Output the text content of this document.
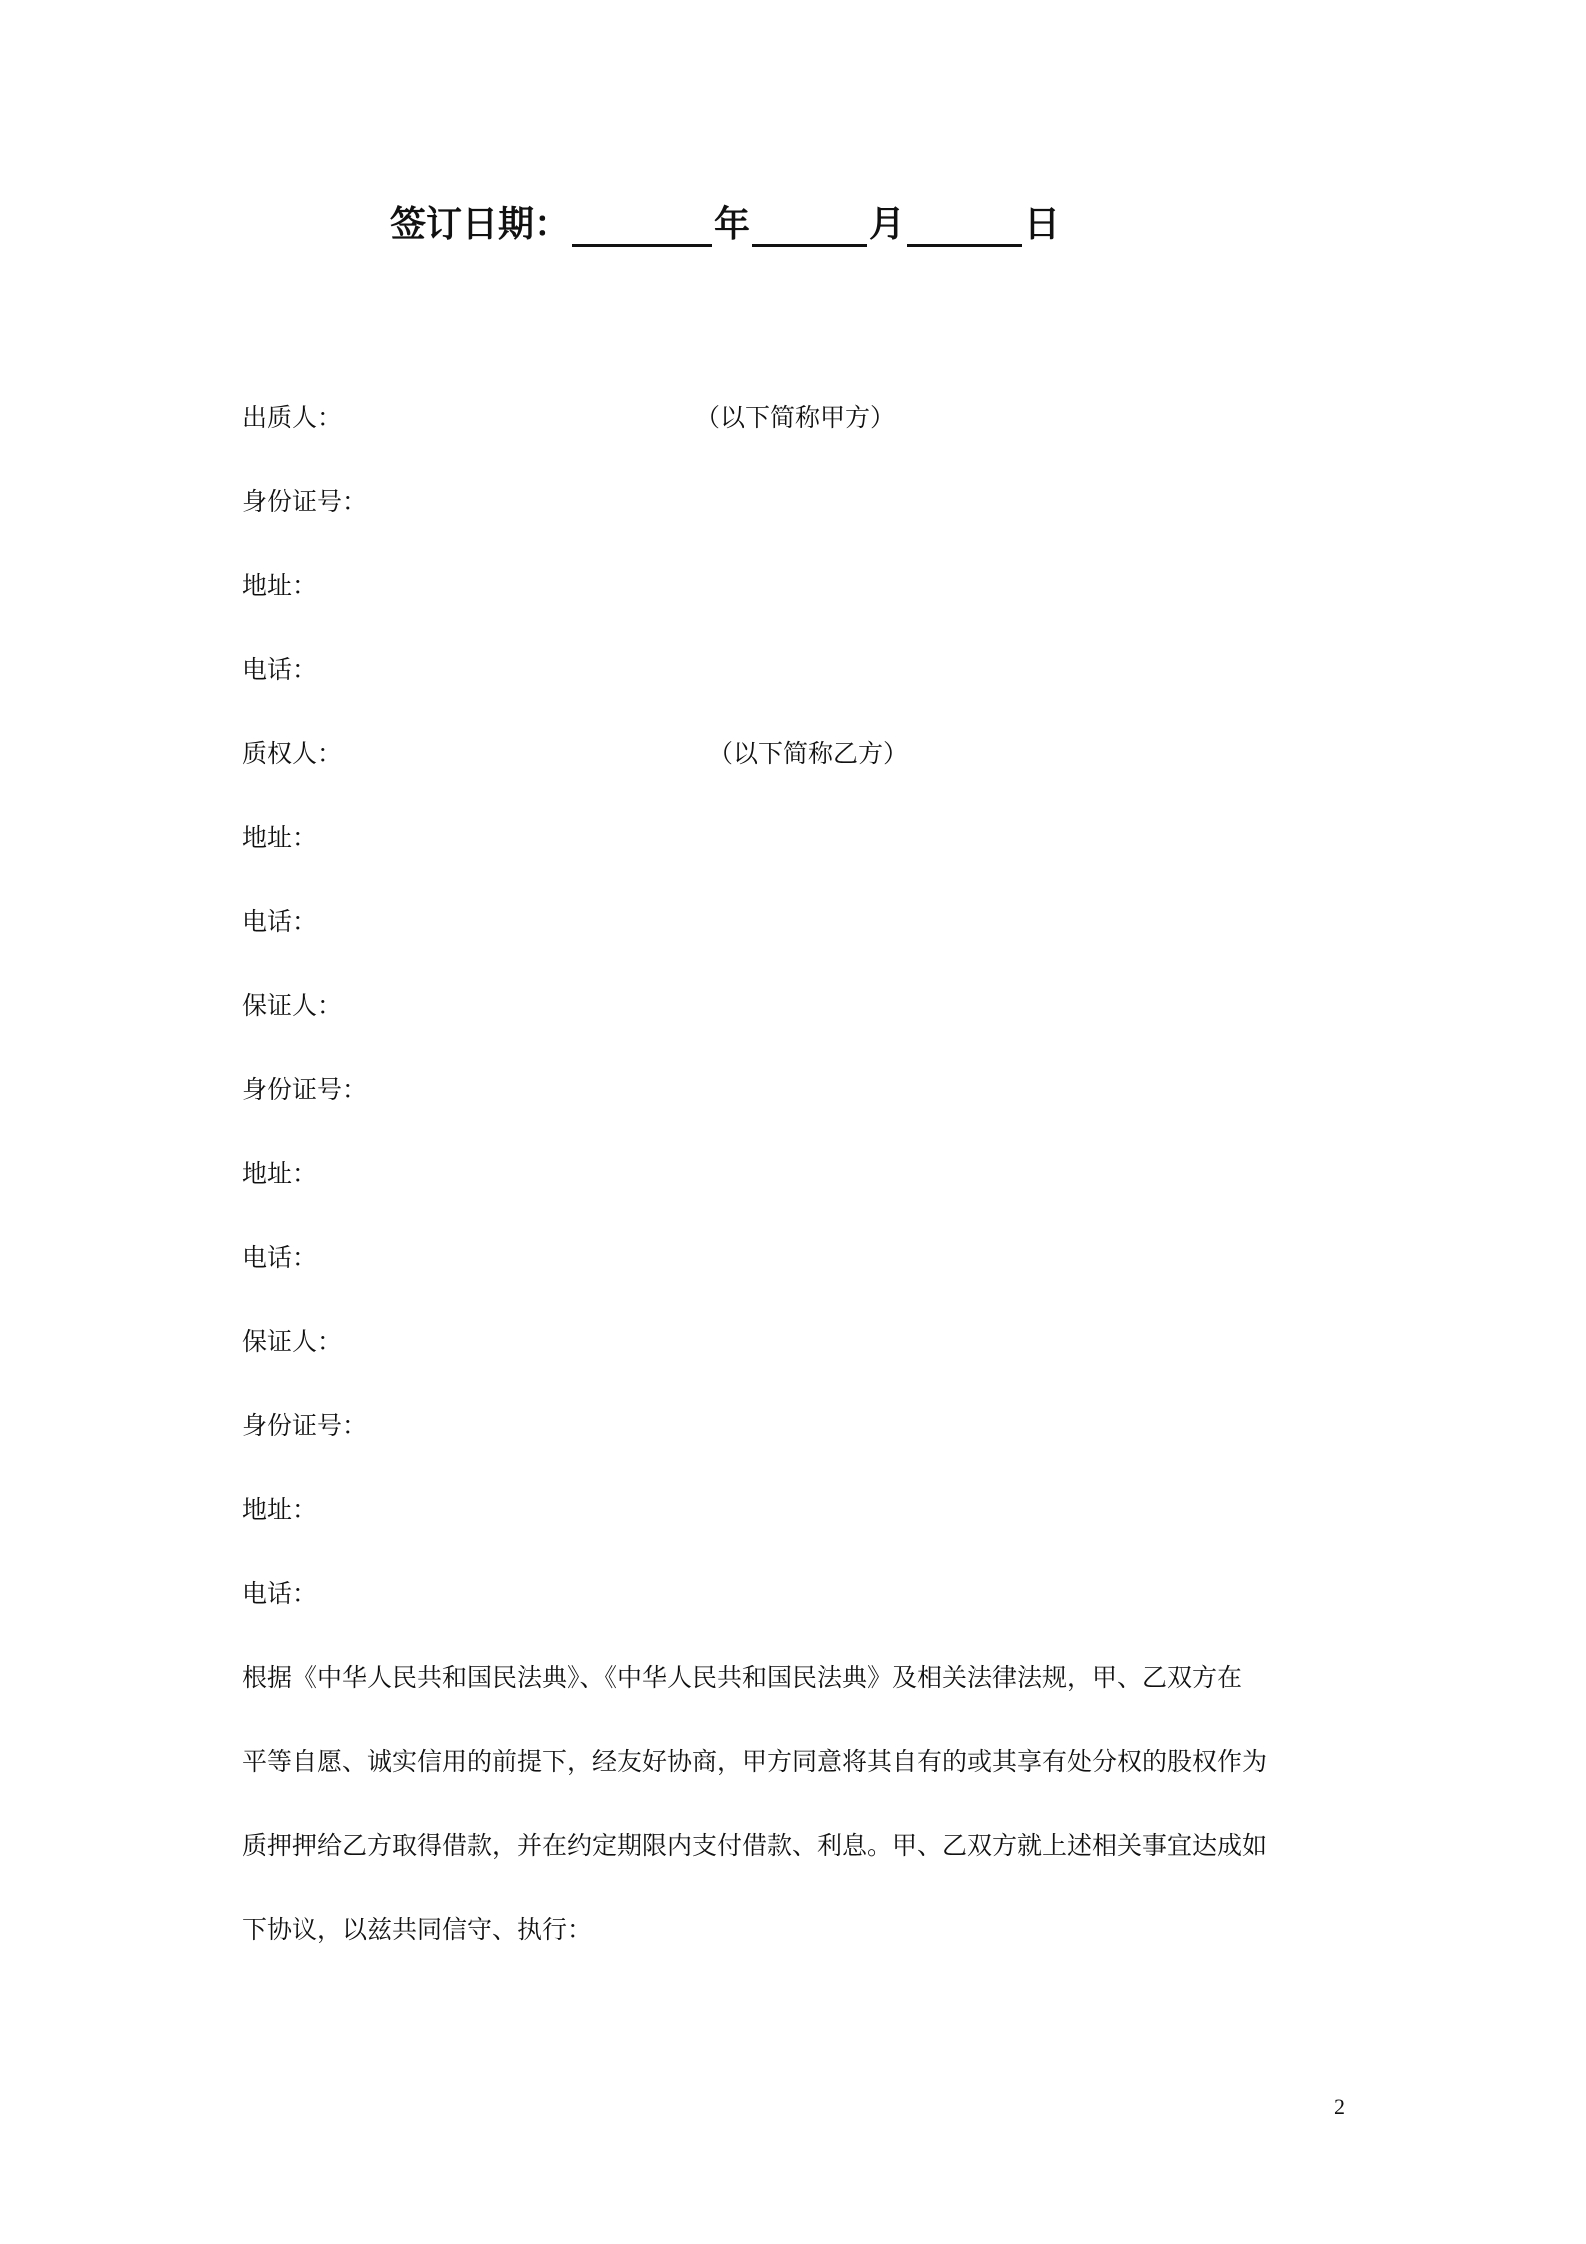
签订日期：	年	月	日
出质人：	（以下简称甲方）
身份证号：
地址：
电话：
质权人：	（以下简称乙方）
地址：
电话：
保证人：
身份证号：
地址：
电话：
保证人：
身份证号：
地址：
电话：
根据《中华人民共和国民法典》、《中华人民共和国民法典》及相关法律法规，甲、乙双方在
平等自愿、诚实信用的前提下，经友好协商，甲方同意将其自有的或其享有处分权的股权作为
质押押给乙方取得借款，并在约定期限内支付借款、利息。甲、乙双方就上述相关事宜达成如
下协议，以兹共同信守、执行：
2
